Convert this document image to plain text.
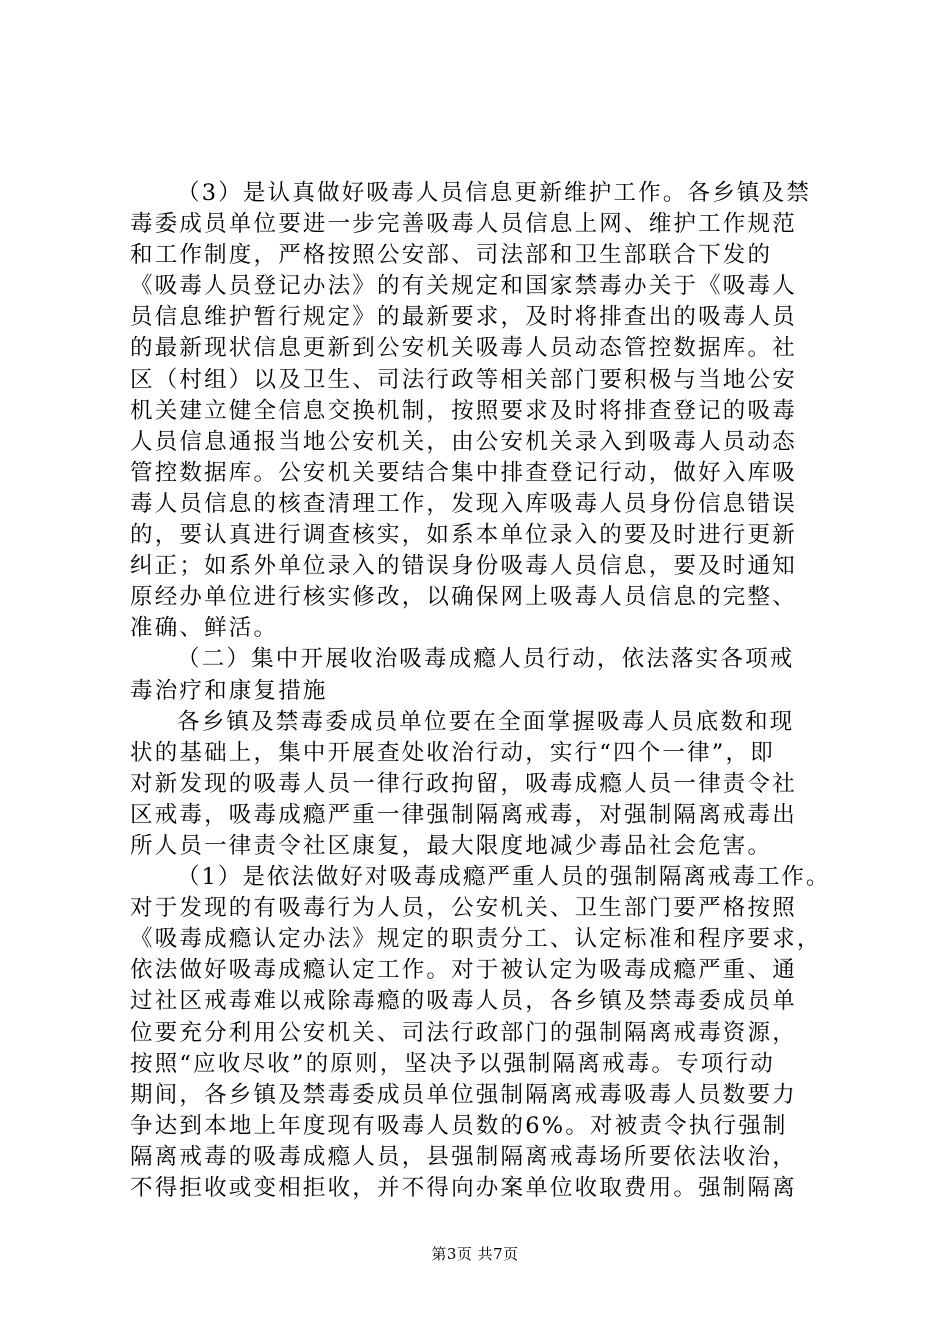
（3）是认真做好吸毒人员信息更新维护工作。各乡镇及禁
毒委成员单位要进一步完善吸毒人员信息上网、维护工作规范
和工作制度，严格按照公安部、司法部和卫生部联合下发的
《吸毒人员登记办法》的有关规定和国家禁毒办关于《吸毒人
员信息维护暂行规定》的最新要求，及时将排查出的吸毒人员
的最新现状信息更新到公安机关吸毒人员动态管控数据库。社
区（村组）以及卫生、司法行政等相关部门要积极与当地公安
机关建立健全信息交换机制，按照要求及时将排查登记的吸毒
人员信息通报当地公安机关，由公安机关录入到吸毒人员动态
管控数据库。公安机关要结合集中排查登记行动，做好入库吸
毒人员信息的核查清理工作，发现入库吸毒人员身份信息错误
的，要认真进行调查核实，如系本单位录入的要及时进行更新
纠正；如系外单位录入的错误身份吸毒人员信息，要及时通知
原经办单位进行核实修改，以确保网上吸毒人员信息的完整、
准确、鲜活。
（二）集中开展收治吸毒成瘾人员行动，依法落实各项戒
毒治疗和康复措施
各乡镇及禁毒委成员单位要在全面掌握吸毒人员底数和现
状的基础上，集中开展查处收治行动，实行“四个一律”，即
对新发现的吸毒人员一律行政拘留，吸毒成瘾人员一律责令社
区戒毒，吸毒成瘾严重一律强制隔离戒毒，对强制隔离戒毒出
所人员一律责令社区康复，最大限度地减少毒品社会危害。
（1）是依法做好对吸毒成瘾严重人员的强制隔离戒毒工作。
对于发现的有吸毒行为人员，公安机关、卫生部门要严格按照
《吸毒成瘾认定办法》规定的职责分工、认定标准和程序要求，
依法做好吸毒成瘾认定工作。对于被认定为吸毒成瘾严重、通
过社区戒毒难以戒除毒瘾的吸毒人员，各乡镇及禁毒委成员单
位要充分利用公安机关、司法行政部门的强制隔离戒毒资源，
按照“应收尽收”的原则，坚决予以强制隔离戒毒。专项行动
期间，各乡镇及禁毒委成员单位强制隔离戒毒吸毒人员数要力
争达到本地上年度现有吸毒人员数的6%。对被责令执行强制
隔离戒毒的吸毒成瘾人员，县强制隔离戒毒场所要依法收治，
不得拒收或变相拒收，并不得向办案单位收取费用。强制隔离
第3页 共7页
